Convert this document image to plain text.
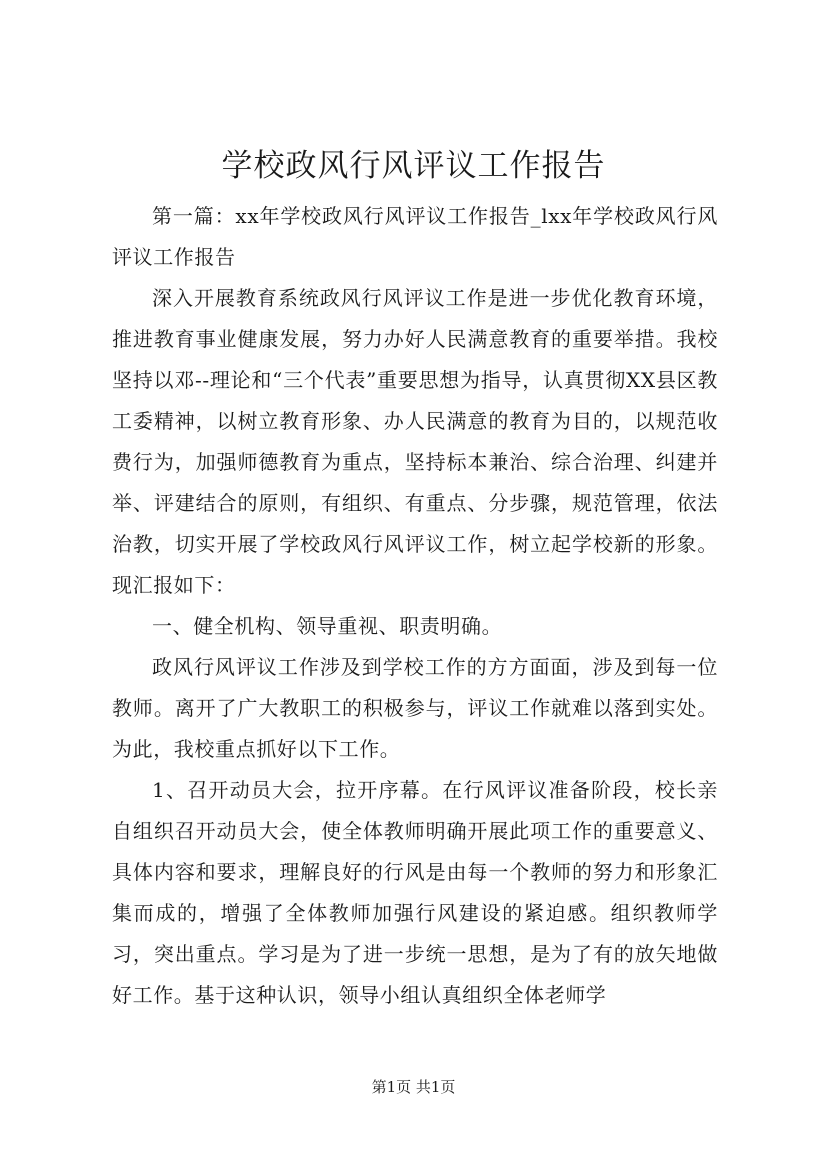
学校政风行风评议工作报告

第一篇：xx年学校政风行风评议工作报告_lxx年学校政风行风评议工作报告

深入开展教育系统政风行风评议工作是进一步优化教育环境，推进教育事业健康发展，努力办好人民满意教育的重要举措。我校坚持以邓--理论和“三个代表”重要思想为指导，认真贯彻XX县区教工委精神，以树立教育形象、办人民满意的教育为目的，以规范收费行为，加强师德教育为重点，坚持标本兼治、综合治理、纠建并举、评建结合的原则，有组织、有重点、分步骤，规范管理，依法治教，切实开展了学校政风行风评议工作，树立起学校新的形象。现汇报如下：

一、健全机构、领导重视、职责明确。

政风行风评议工作涉及到学校工作的方方面面，涉及到每一位教师。离开了广大教职工的积极参与，评议工作就难以落到实处。为此，我校重点抓好以下工作。

1、召开动员大会，拉开序幕。在行风评议准备阶段，校长亲自组织召开动员大会，使全体教师明确开展此项工作的重要意义、具体内容和要求，理解良好的行风是由每一个教师的努力和形象汇集而成的，增强了全体教师加强行风建设的紧迫感。组织教师学习，突出重点。学习是为了进一步统一思想，是为了有的放矢地做好工作。基于这种认识，领导小组认真组织全体老师学

第1页 共1页
